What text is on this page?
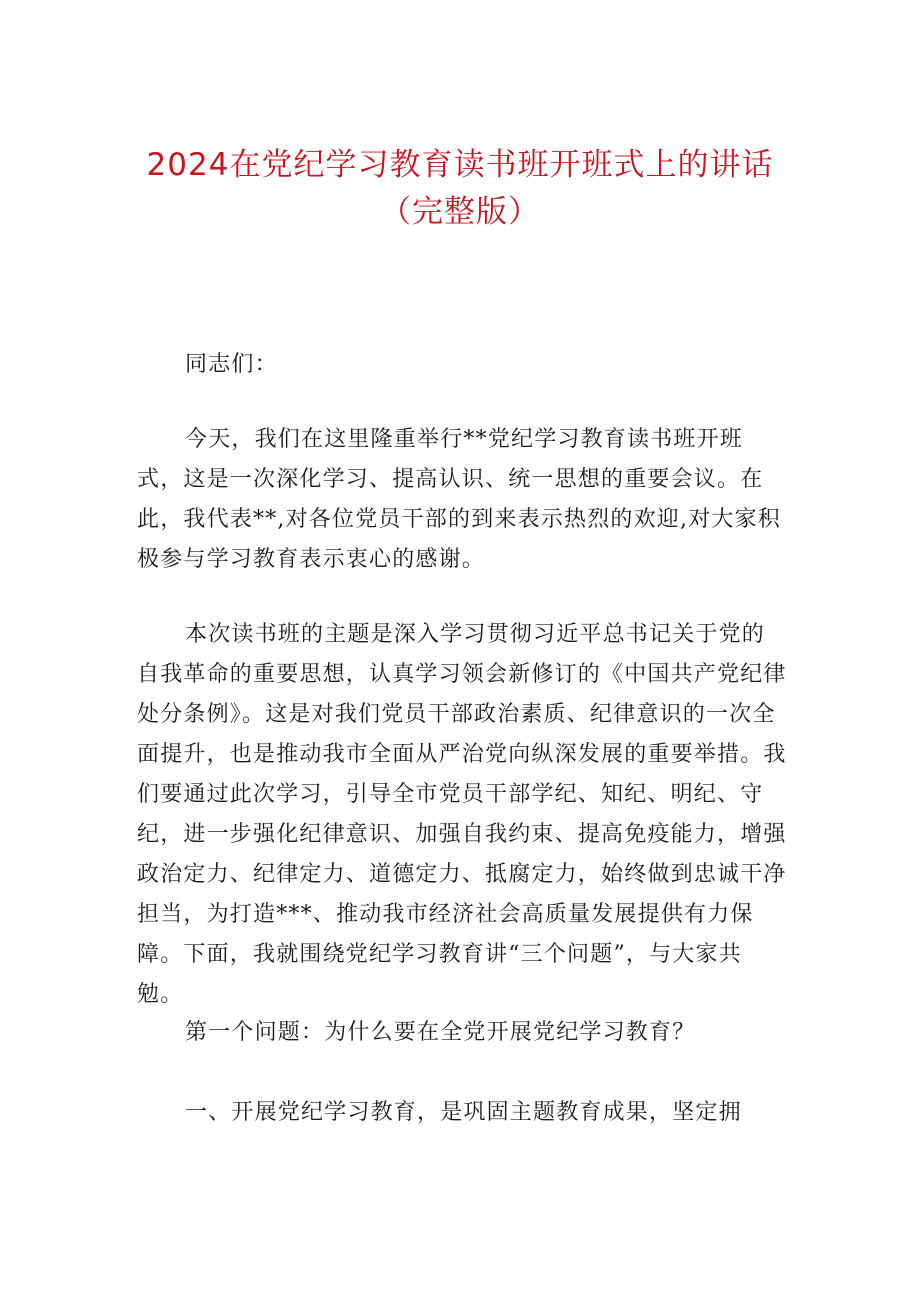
2024在党纪学习教育读书班开班式上的讲话（完整版）

同志们：

今天，我们在这里隆重举行**党纪学习教育读书班开班式，这是一次深化学习、提高认识、统一思想的重要会议。在此，我代表**,对各位党员干部的到来表示热烈的欢迎,对大家积极参与学习教育表示衷心的感谢。

本次读书班的主题是深入学习贯彻习近平总书记关于党的自我革命的重要思想，认真学习领会新修订的《中国共产党纪律处分条例》。这是对我们党员干部政治素质、纪律意识的一次全面提升，也是推动我市全面从严治党向纵深发展的重要举措。我们要通过此次学习，引导全市党员干部学纪、知纪、明纪、守纪，进一步强化纪律意识、加强自我约束、提高免疫能力，增强政治定力、纪律定力、道德定力、抵腐定力，始终做到忠诚干净担当，为打造***、推动我市经济社会高质量发展提供有力保障。下面，我就围绕党纪学习教育讲“三个问题”，与大家共勉。

第一个问题：为什么要在全党开展党纪学习教育？

一、开展党纪学习教育，是巩固主题教育成果，坚定拥
